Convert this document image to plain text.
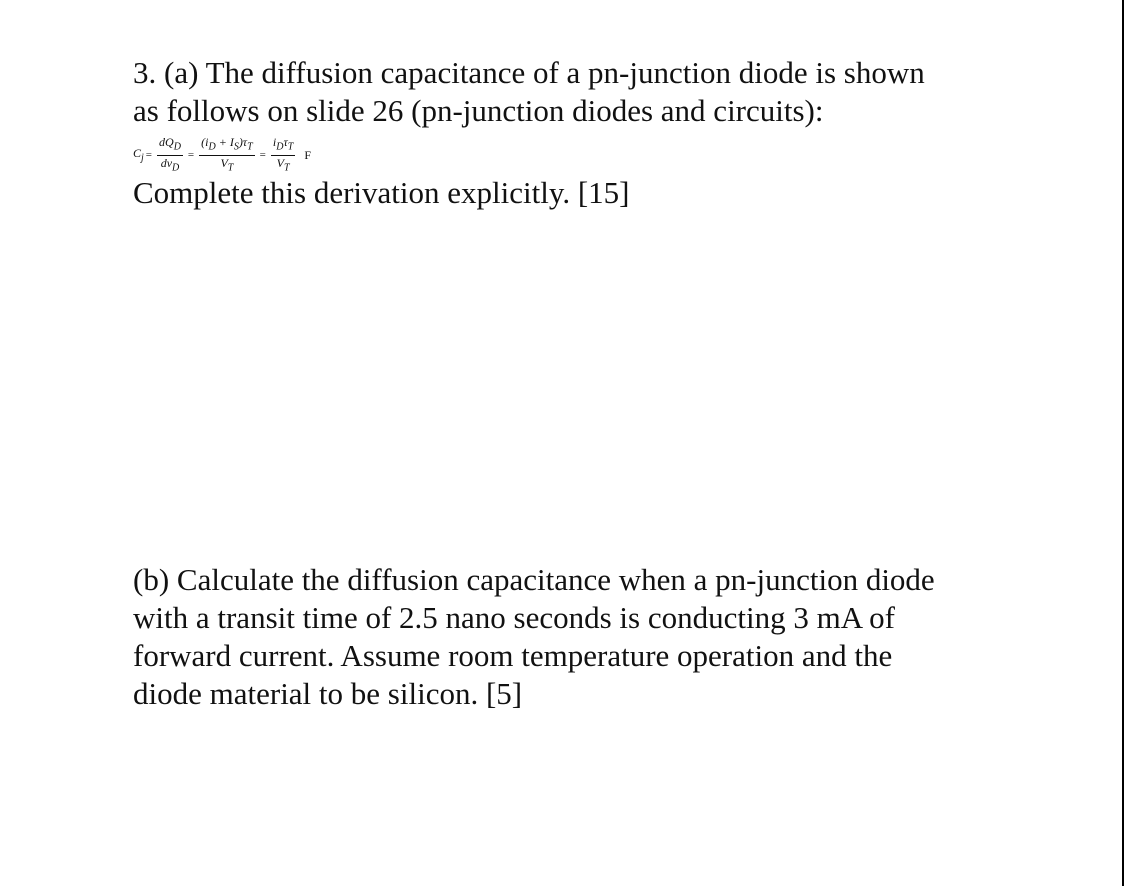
3. (a) The diffusion capacitance of a pn-junction diode is shown
as follows on slide 26 (pn-junction diodes and circuits):
$C_j = \frac{dQ_D}{dv_D} = \frac{(i_D + I_S)\tau_T}{V_T} = \frac{i_D\tau_T}{V_T}$ F
Complete this derivation explicitly. [15]
(b) Calculate the diffusion capacitance when a pn-junction diode
with a transit time of 2.5 nano seconds is conducting 3 mA of
forward current. Assume room temperature operation and the
diode material to be silicon. [5]
